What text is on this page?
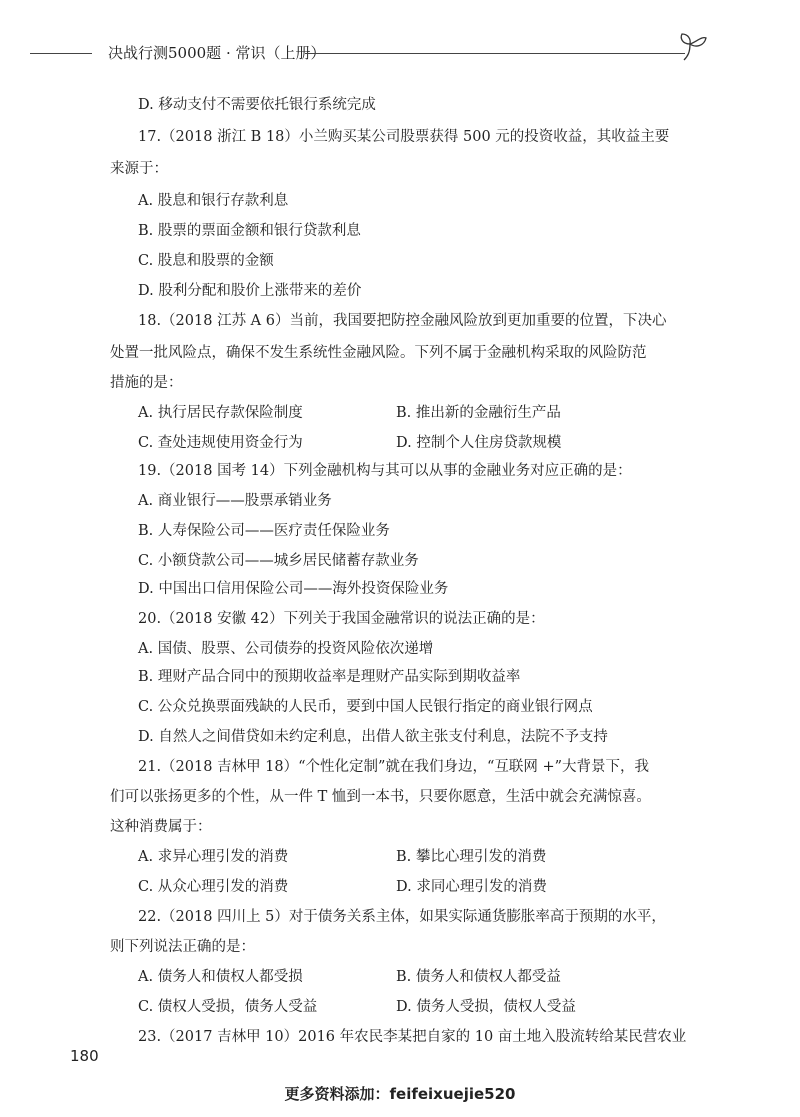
决战行测5000题 · 常识（上册）
D. 移动支付不需要依托银行系统完成
17.（2018 浙江 B 18）小兰购买某公司股票获得 500 元的投资收益，其收益主要
来源于：
A. 股息和银行存款利息
B. 股票的票面金额和银行贷款利息
C. 股息和股票的金额
D. 股利分配和股价上涨带来的差价
18.（2018 江苏 A 6）当前，我国要把防控金融风险放到更加重要的位置，下决心
处置一批风险点，确保不发生系统性金融风险。下列不属于金融机构采取的风险防范
措施的是：
A. 执行居民存款保险制度	B. 推出新的金融衍生产品
C. 查处违规使用资金行为	D. 控制个人住房贷款规模
19.（2018 国考 14）下列金融机构与其可以从事的金融业务对应正确的是：
A. 商业银行——股票承销业务
B. 人寿保险公司——医疗责任保险业务
C. 小额贷款公司——城乡居民储蓄存款业务
D. 中国出口信用保险公司——海外投资保险业务
20.（2018 安徽 42）下列关于我国金融常识的说法正确的是：
A. 国债、股票、公司债券的投资风险依次递增
B. 理财产品合同中的预期收益率是理财产品实际到期收益率
C. 公众兑换票面残缺的人民币，要到中国人民银行指定的商业银行网点
D. 自然人之间借贷如未约定利息，出借人欲主张支付利息，法院不予支持
21.（2018 吉林甲 18）“个性化定制”就在我们身边，“互联网 +”大背景下，我
们可以张扬更多的个性，从一件 T 恤到一本书，只要你愿意，生活中就会充满惊喜。
这种消费属于：
A. 求异心理引发的消费	B. 攀比心理引发的消费
C. 从众心理引发的消费	D. 求同心理引发的消费
22.（2018 四川上 5）对于债务关系主体，如果实际通货膨胀率高于预期的水平，
则下列说法正确的是：
A. 债务人和债权人都受损	B. 债务人和债权人都受益
C. 债权人受损，债务人受益	D. 债务人受损，债权人受益
23.（2017 吉林甲 10）2016 年农民李某把自家的 10 亩土地入股流转给某民营农业
180
更多资料添加：feifeixuejie520
